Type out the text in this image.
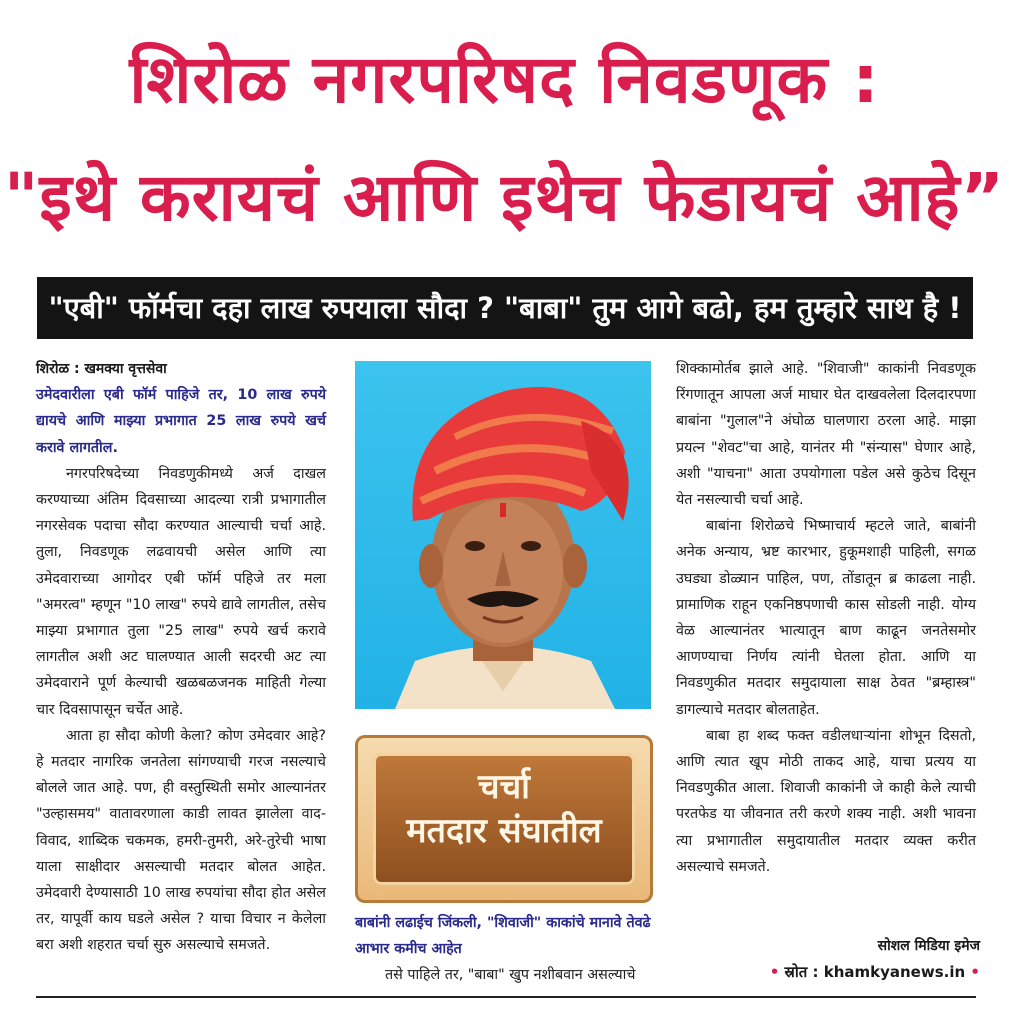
शिरोळ नगरपरिषद निवडणूक :
"इथे करायचं आणि इथेच फेडायचं आहे”
"एबी" फॉर्मचा दहा लाख रुपयाला सौदा ? "बाबा" तुम आगे बढो, हम तुम्हारे साथ है !
शिरोळ : खमक्या वृत्तसेवा
उमेदवारीला एबी फॉर्म पाहिजे तर, 10 लाख रुपये द्यायचे आणि माझ्या प्रभागात 25 लाख रुपये खर्च करावे लागतील.

नगरपरिषदेच्या निवडणुकीमध्ये अर्ज दाखल करण्याच्या अंतिम दिवसाच्या आदल्या रात्री प्रभागातील नगरसेवक पदाचा सौदा करण्यात आल्याची चर्चा आहे. तुला, निवडणूक लढवायची असेल आणि त्या उमेदवाराच्या आगोदर एबी फॉर्म पहिजे तर मला "अमरत्व" म्हणून "10 लाख" रुपये द्यावे लागतील, तसेच माझ्या प्रभागात तुला "25 लाख" रुपये खर्च करावे लागतील अशी अट घालण्यात आली सदरची अट त्या उमेदवाराने पूर्ण केल्याची खळबळजनक माहिती गेल्या चार दिवसापासून चर्चेत आहे.

आता हा सौदा कोणी केला? कोण उमेदवार आहे? हे मतदार नागरिक जनतेला सांगण्याची गरज नसल्याचे बोलले जात आहे. पण, ही वस्तुस्थिती समोर आल्यानंतर "उल्हासमय" वातावरणाला काडी लावत झालेला वाद-विवाद, शाब्दिक चकमक, हमरी-तुमरी, अरे-तुरेची भाषा याला साक्षीदार असल्याची मतदार बोलत आहेत. उमेदवारी देण्यासाठी 10 लाख रुपयांचा सौदा होत असेल तर, यापूर्वी काय घडले असेल ? याचा विचार न केलेला बरा अशी शहरात चर्चा सुरु असल्याचे समजते.

चर्चा
मतदार संघातील
बाबांनी लढाईच जिंकली, "शिवाजी" काकांचे मानावे तेवढे आभार कमीच आहेत
तसे पाहिले तर, "बाबा" खुप नशीबवान असल्याचे

शिक्कामोर्तब झाले आहे. "शिवाजी" काकांनी निवडणूक रिंगणातून आपला अर्ज माघार घेत दाखवलेला दिलदारपणा बाबांना "गुलाल"ने अंघोळ घालणारा ठरला आहे. माझा प्रयत्न "शेवट"चा आहे, यानंतर मी "संन्यास" घेणार आहे, अशी "याचना" आता उपयोगाला पडेल असे कुठेच दिसून येत नसल्याची चर्चा आहे.

बाबांना शिरोळचे भिष्माचार्य म्हटले जाते, बाबांनी अनेक अन्याय, भ्रष्ट कारभार, हुकूमशाही पाहिली, सगळ उघड्या डोळ्यान पाहिल, पण, तोंडातून ब्र काढला नाही. प्रामाणिक राहून एकनिष्ठपणाची कास सोडली नाही. योग्य वेळ आल्यानंतर भात्यातून बाण काढून जनतेसमोर आणण्याचा निर्णय त्यांनी घेतला होता. आणि या निवडणुकीत मतदार समुदायाला साक्ष ठेवत "ब्रम्हास्त्र" डागल्याचे मतदार बोलताहेत.

बाबा हा शब्द फक्त वडीलधाऱ्यांना शोभून दिसतो, आणि त्यात खूप मोठी ताकद आहे, याचा प्रत्यय या निवडणुकीत आला. शिवाजी काकांनी जे काही केले त्याची परतफेड या जीवनात तरी करणे शक्य नाही. अशी भावना त्या प्रभागातील समुदायातील मतदार व्यक्त करीत असल्याचे समजते.

सोशल मिडिया इमेज
• स्रोत : khamkyanews.in •
